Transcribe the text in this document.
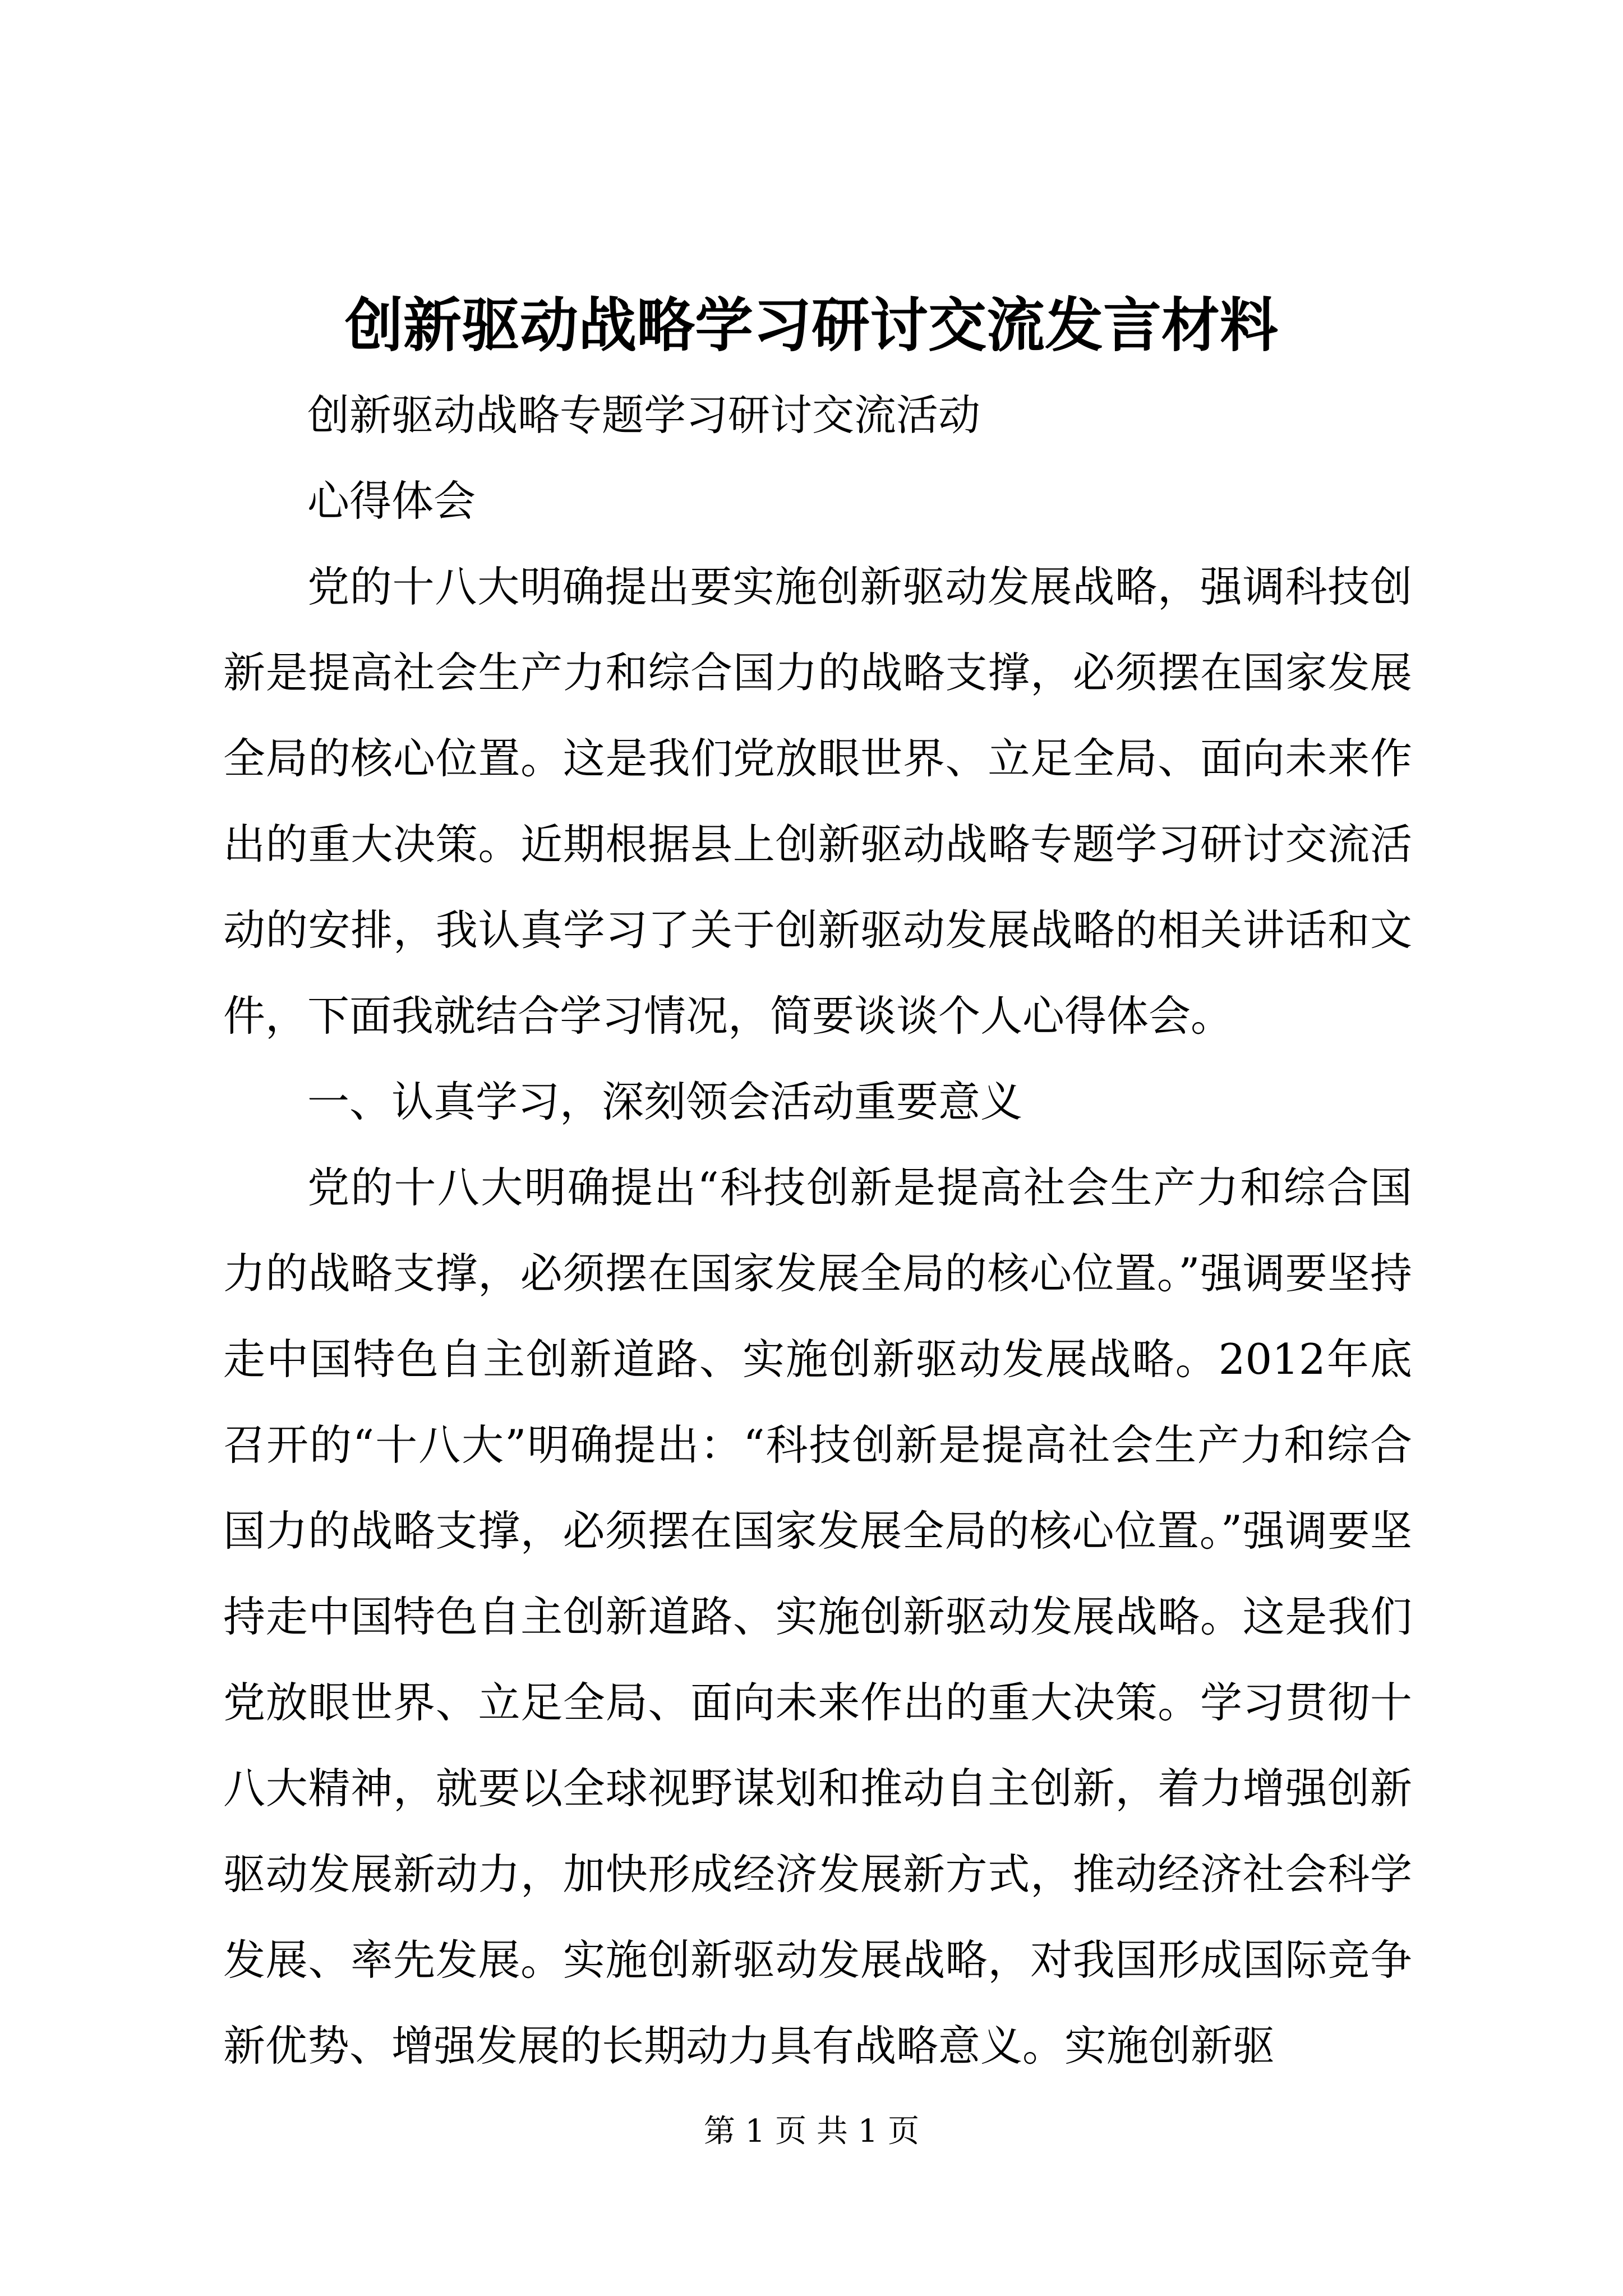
创新驱动战略学习研讨交流发言材料

创新驱动战略专题学习研讨交流活动

心得体会

党的十八大明确提出要实施创新驱动发展战略，强调科技创新是提高社会生产力和综合国力的战略支撑，必须摆在国家发展全局的核心位置。这是我们党放眼世界、立足全局、面向未来作出的重大决策。近期根据县上创新驱动战略专题学习研讨交流活动的安排，我认真学习了关于创新驱动发展战略的相关讲话和文件，下面我就结合学习情况，简要谈谈个人心得体会。

一、认真学习，深刻领会活动重要意义

党的十八大明确提出“科技创新是提高社会生产力和综合国力的战略支撑，必须摆在国家发展全局的核心位置。”强调要坚持走中国特色自主创新道路、实施创新驱动发展战略。2012年底召开的“十八大”明确提出：“科技创新是提高社会生产力和综合国力的战略支撑，必须摆在国家发展全局的核心位置。”强调要坚持走中国特色自主创新道路、实施创新驱动发展战略。这是我们党放眼世界、立足全局、面向未来作出的重大决策。学习贯彻十八大精神，就要以全球视野谋划和推动自主创新，着力增强创新驱动发展新动力，加快形成经济发展新方式，推动经济社会科学发展、率先发展。实施创新驱动发展战略，对我国形成国际竞争新优势、增强发展的长期动力具有战略意义。实施创新驱

第 1 页 共 1 页
